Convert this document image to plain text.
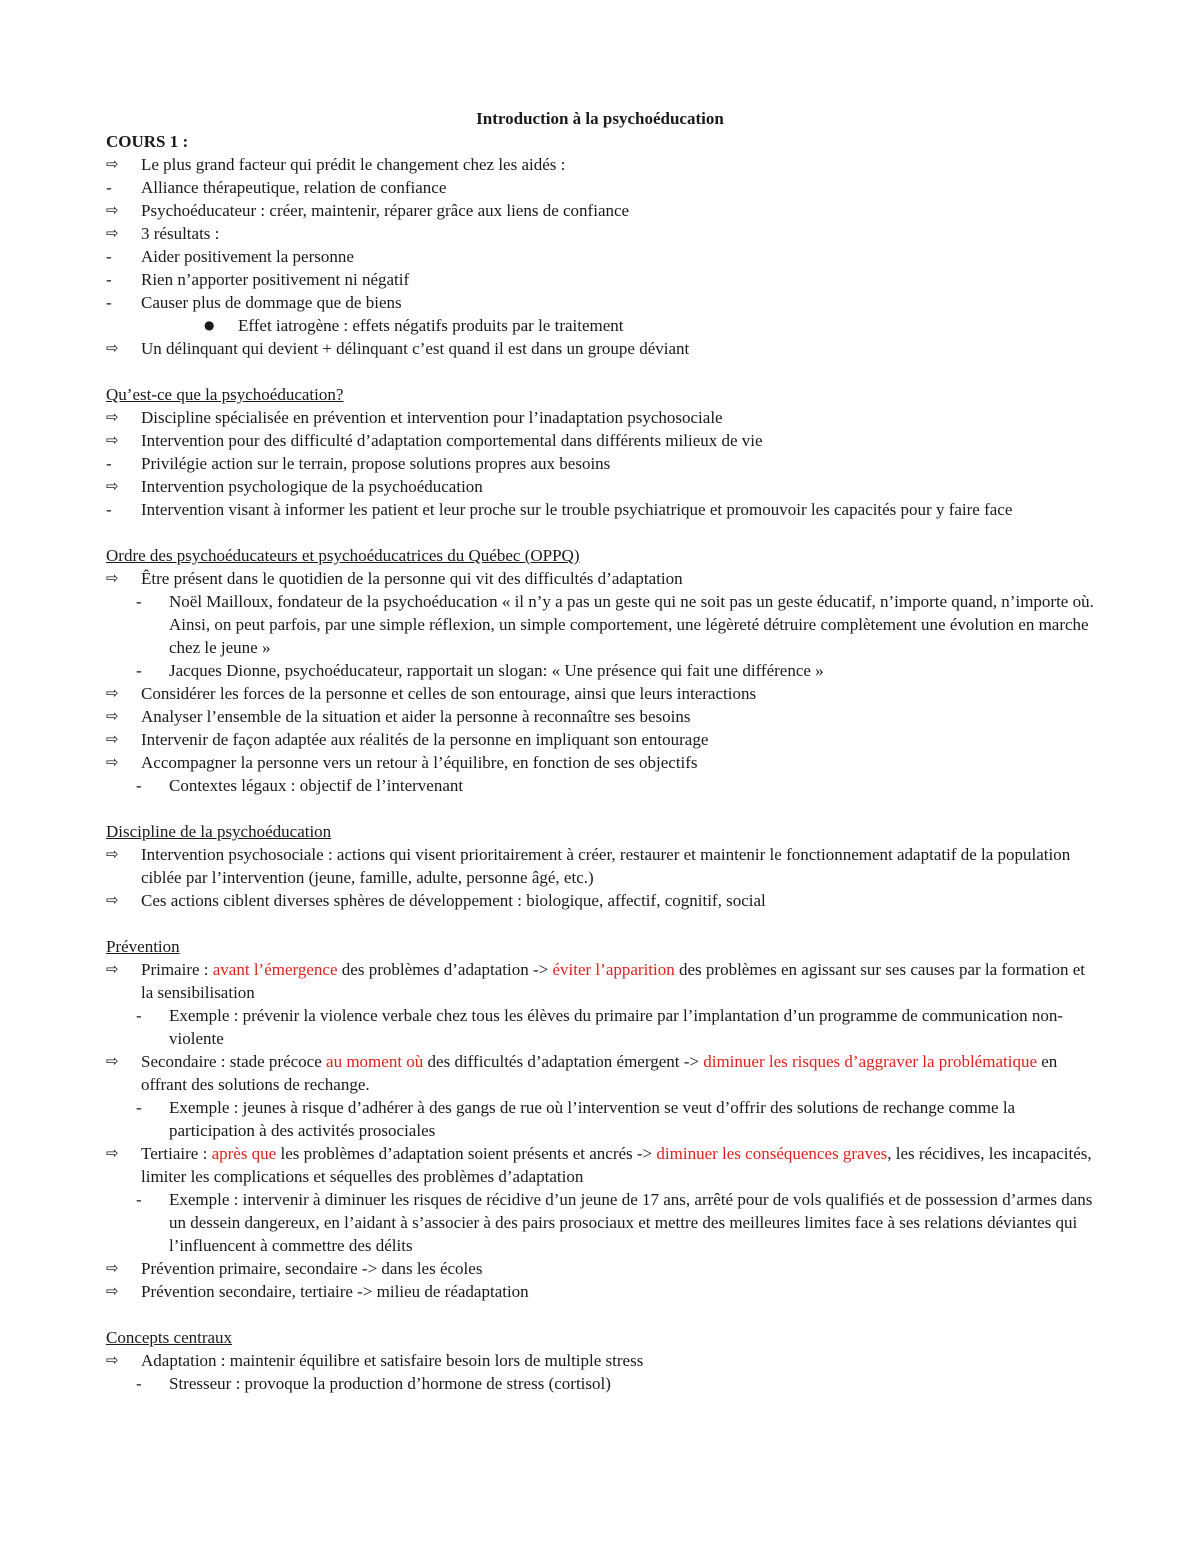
Introduction à la psychoéducation
COURS 1 :
⇨	Le plus grand facteur qui prédit le changement chez les aidés :
-	Alliance thérapeutique, relation de confiance
⇨	Psychoéducateur : créer, maintenir, réparer grâce aux liens de confiance
⇨	3 résultats :
-	Aider positivement la personne
-	Rien n’apporter positivement ni négatif
-	Causer plus de dommage que de biens
●	Effet iatrogène : effets négatifs produits par le traitement
⇨	Un délinquant qui devient + délinquant c’est quand il est dans un groupe déviant
Qu’est-ce que la psychoéducation?
⇨	Discipline spécialisée en prévention et intervention pour l’inadaptation psychosociale
⇨	Intervention pour des difficulté d’adaptation comportemental dans différents milieux de vie
-	Privilégie action sur le terrain, propose solutions propres aux besoins
⇨	Intervention psychologique de la psychoéducation
-	Intervention visant à informer les patient et leur proche sur le trouble psychiatrique et promouvoir les capacités pour y faire face
Ordre des psychoéducateurs et psychoéducatrices du Québec (OPPQ)
⇨	Être présent dans le quotidien de la personne qui vit des difficultés d’adaptation
-	Noël Mailloux, fondateur de la psychoéducation « il n’y a pas un geste qui ne soit pas un geste éducatif, n’importe quand, n’importe où. Ainsi, on peut parfois, par une simple réflexion, un simple comportement, une légèreté détruire complètement une évolution en marche chez le jeune »
-	Jacques Dionne, psychoéducateur, rapportait un slogan: « Une présence qui fait une différence »
⇨	Considérer les forces de la personne et celles de son entourage, ainsi que leurs interactions
⇨	Analyser l’ensemble de la situation et aider la personne à reconnaître ses besoins
⇨	Intervenir de façon adaptée aux réalités de la personne en impliquant son entourage
⇨	Accompagner la personne vers un retour à l’équilibre, en fonction de ses objectifs
-	Contextes légaux : objectif de l’intervenant
Discipline de la psychoéducation
⇨	Intervention psychosociale : actions qui visent prioritairement à créer, restaurer et maintenir le fonctionnement adaptatif de la population ciblée par l’intervention (jeune, famille, adulte, personne âgé, etc.)
⇨	Ces actions ciblent diverses sphères de développement : biologique, affectif, cognitif, social
Prévention
⇨	Primaire : avant l’émergence des problèmes d’adaptation -> éviter l’apparition des problèmes en agissant sur ses causes par la formation et la sensibilisation
-	Exemple : prévenir la violence verbale chez tous les élèves du primaire par l’implantation d’un programme de communication non-violente
⇨	Secondaire : stade précoce au moment où des difficultés d’adaptation émergent -> diminuer les risques d’aggraver la problématique en offrant des solutions de rechange.
-	Exemple : jeunes à risque d’adhérer à des gangs de rue où l’intervention se veut d’offrir des solutions de rechange comme la participation à des activités prosociales
⇨	Tertiaire : après que les problèmes d’adaptation soient présents et ancrés -> diminuer les conséquences graves, les récidives, les incapacités, limiter les complications et séquelles des problèmes d’adaptation
-	Exemple : intervenir à diminuer les risques de récidive d’un jeune de 17 ans, arrêté pour de vols qualifiés et de possession d’armes dans un dessein dangereux, en l’aidant à s’associer à des pairs prosociaux et mettre des meilleures limites face à ses relations déviantes qui l’influencent à commettre des délits
⇨	Prévention primaire, secondaire -> dans les écoles
⇨	Prévention secondaire, tertiaire -> milieu de réadaptation
Concepts centraux
⇨	Adaptation : maintenir équilibre et satisfaire besoin lors de multiple stress
-	Stresseur : provoque la production d’hormone de stress (cortisol)
